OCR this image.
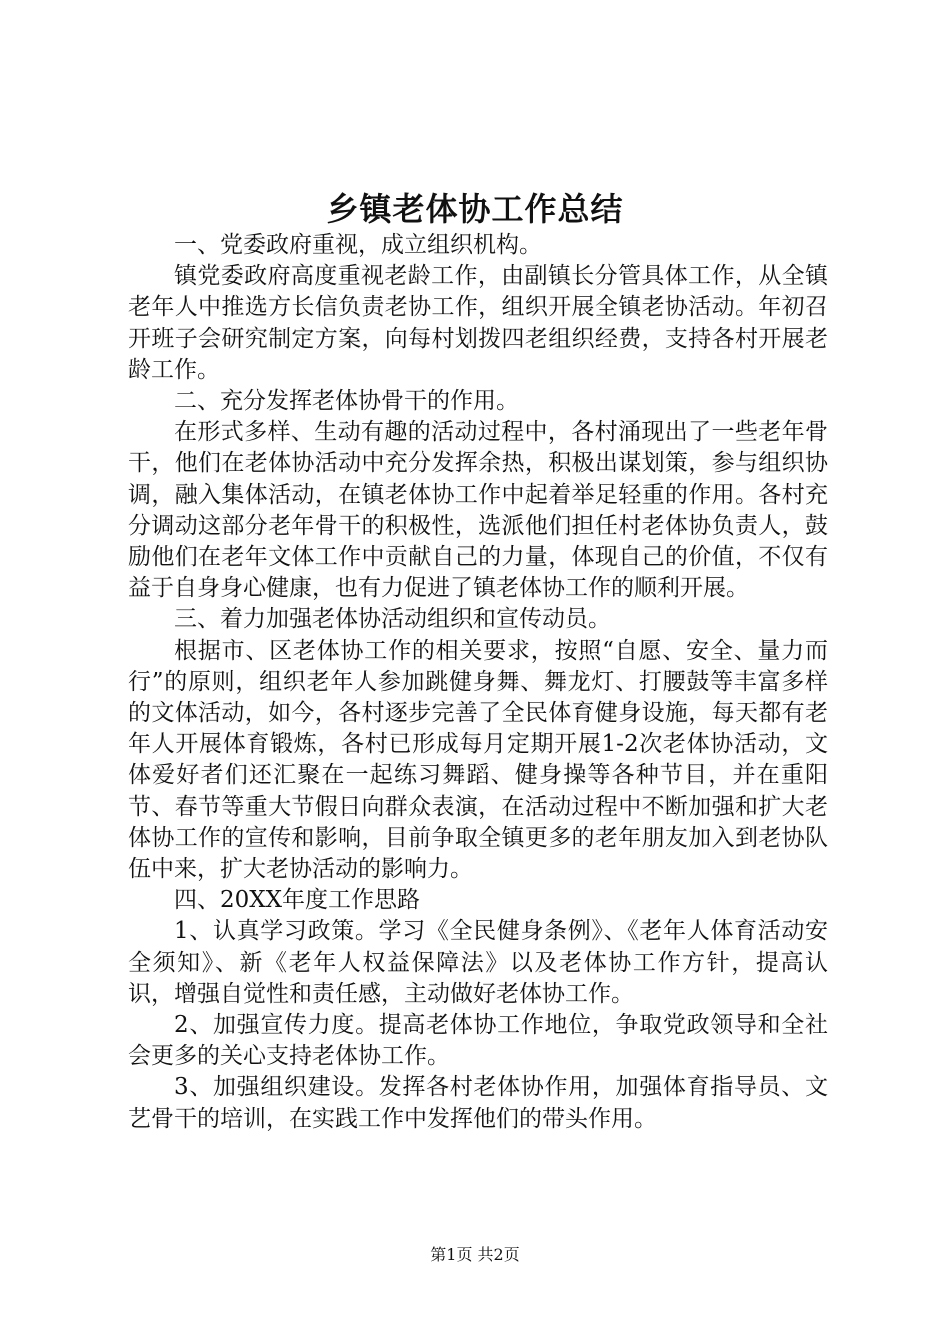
乡镇老体协工作总结

一、党委政府重视，成立组织机构。

镇党委政府高度重视老龄工作，由副镇长分管具体工作，从全镇老年人中推选方长信负责老协工作，组织开展全镇老协活动。年初召开班子会研究制定方案，向每村划拨四老组织经费，支持各村开展老龄工作。

二、充分发挥老体协骨干的作用。

在形式多样、生动有趣的活动过程中，各村涌现出了一些老年骨干，他们在老体协活动中充分发挥余热，积极出谋划策，参与组织协调，融入集体活动，在镇老体协工作中起着举足轻重的作用。各村充分调动这部分老年骨干的积极性，选派他们担任村老体协负责人，鼓励他们在老年文体工作中贡献自己的力量，体现自己的价值，不仅有益于自身身心健康，也有力促进了镇老体协工作的顺利开展。

三、着力加强老体协活动组织和宣传动员。

根据市、区老体协工作的相关要求，按照“自愿、安全、量力而行”的原则，组织老年人参加跳健身舞、舞龙灯、打腰鼓等丰富多样的文体活动，如今，各村逐步完善了全民体育健身设施，每天都有老年人开展体育锻炼，各村已形成每月定期开展1-2次老体协活动，文体爱好者们还汇聚在一起练习舞蹈、健身操等各种节目，并在重阳节、春节等重大节假日向群众表演，在活动过程中不断加强和扩大老体协工作的宣传和影响，目前争取全镇更多的老年朋友加入到老协队伍中来，扩大老协活动的影响力。

四、20XX年度工作思路

1、认真学习政策。学习《全民健身条例》、《老年人体育活动安全须知》、新《老年人权益保障法》以及老体协工作方针，提高认识，增强自觉性和责任感，主动做好老体协工作。

2、加强宣传力度。提高老体协工作地位，争取党政领导和全社会更多的关心支持老体协工作。

3、加强组织建设。发挥各村老体协作用，加强体育指导员、文艺骨干的培训，在实践工作中发挥他们的带头作用。

第1页 共2页
